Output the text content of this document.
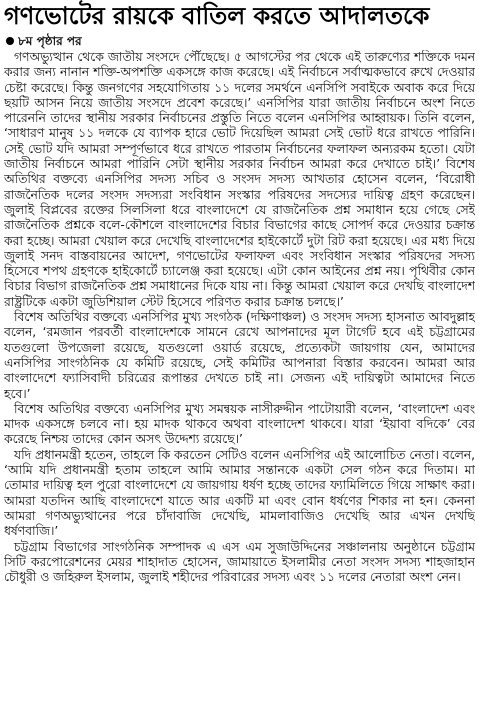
গণভোটের রায়কে বাতিল করতে আদালতকে
৮ম পৃষ্ঠার পর

গণঅভ্যুত্থান থেকে জাতীয় সংসদে পৌঁছেছে। ৫ আগস্টের পর থেকে এই তারুণ্যের শক্তিকে দমন করার জন্য নানান শক্তি-অপশক্তি একসঙ্গে কাজ করেছে। এই নির্বাচনে সর্বাত্মকভাবে রুখে দেওয়ার চেষ্টা করেছে। কিন্তু জনগণের সহযোগিতায় ১১ দলের সমর্থনে এনসিপি সবাইকে অবাক করে দিয়ে ছয়টি আসন নিয়ে জাতীয় সংসদে প্রবেশ করেছে।’ এনসিপির যারা জাতীয় নির্বাচনে অংশ নিতে পারেননি তাদের স্থানীয় সরকার নির্বাচনের প্রস্তুতি নিতে বলেন এনসিপির আহ্বায়ক। তিনি বলেন, ‘সাধারণ মানুষ ১১ দলকে যে ব্যাপক হারে ভোট দিয়েছিল আমরা সেই ভোট ধরে রাখতে পারিনি। সেই ভোট যদি আমরা সম্পূর্ণভাবে ধরে রাখতে পারতাম নির্বাচনের ফলাফল অন্যরকম হতো। যেটা জাতীয় নির্বাচনে আমরা পারিনি সেটা স্থানীয় সরকার নির্বাচন আমরা করে দেখাতে চাই।’ বিশেষ অতিথির বক্তব্যে এনসিপির সদস্য সচিব ও সংসদ সদস্য আখতার হোসেন বলেন, ‘বিরোধী রাজনৈতিক দলের সংসদ সদস্যরা সংবিধান সংস্কার পরিষদের সদস্যের দায়িত্ব গ্রহণ করেছেন। জুলাই বিপ্লবের রক্তের সিলসিলা ধরে বাংলাদেশে যে রাজনৈতিক প্রশ্ন সমাধান হয়ে গেছে সেই রাজনৈতিক প্রশ্নকে বলে-কৌশলে বাংলাদেশের বিচার বিভাগের কাছে সোপর্দ করে দেওয়ার চক্রান্ত করা হচ্ছে। আমরা খেয়াল করে দেখেছি বাংলাদেশের হাইকোর্টে দুটা রিট করা হয়েছে। এর মধ্য দিয়ে জুলাই সনদ বাস্তবায়নের আদেশ, গণভোটের ফলাফল এবং সংবিধান সংস্কার পরিষদের সদস্য হিসেবে শপথ গ্রহণকে হাইকোর্টে চ্যালেঞ্জ করা হয়েছে। এটা কোন আইনের প্রশ্ন নয়। পৃথিবীর কোন বিচার বিভাগ রাজনৈতিক প্রশ্ন সমাধানের দিকে যায় না। কিন্তু আমরা খেয়াল করে দেখছি বাংলাদেশ রাষ্ট্রটিকে একটা জুডিশিয়াল স্টেট হিসেবে পরিণত করার চক্রান্ত চলছে।’

বিশেষ অতিথির বক্তব্যে এনসিপির মুখ্য সংগঠক (দক্ষিণাঞ্চল) ও সংসদ সদস্য হাসনাত আবদুল্লাহ বলেন, ‘রমজান পরবর্তী বাংলাদেশকে সামনে রেখে আপনাদের মূল টার্গেট হবে এই চট্টগ্রামের যতগুলো উপজেলা রয়েছে, যতগুলো ওয়ার্ড রয়েছে, প্রত্যেকটা জায়গায় যেন, আমাদের এনসিপির সাংগঠনিক যে কমিটি রয়েছে, সেই কমিটির আপনারা বিস্তার করবেন। আমরা আর বাংলাদেশে ফ্যাসিবাদী চরিত্রের রূপান্তর দেখতে চাই না। সেজন্য এই দায়িত্বটা আমাদের নিতে হবে।’

বিশেষ অতিথির বক্তব্যে এনসিপির মুখ্য সমন্বয়ক নাসীরুদ্দীন পাটোয়ারী বলেন, ‘বাংলাদেশ এবং মাদক একসঙ্গে চলবে না। হয় মাদক থাকবে অথবা বাংলাদেশ থাকবে। যারা ‘ইয়াবা বদিকে’ বের করেছে নিশ্চয় তাদের কোন অসৎ উদ্দেশ্য রয়েছে।’

যদি প্রধানমন্ত্রী হতেন, তাহলে কি করতেন সেটিও বলেন এনসিপির এই আলোচিত নেতা। বলেন, ‘আমি যদি প্রধানমন্ত্রী হতাম তাহলে আমি আমার সন্তানকে একটা সেল গঠন করে দিতাম। মা তোমার দায়িত্ব হল পুরো বাংলাদেশে যে জায়গায় ধর্ষণ হচ্ছে তাদের ফ্যামিলিতে গিয়ে সাক্ষাৎ করা। আমরা যতদিন আছি বাংলাদেশে যাতে আর একটি মা এবং বোন ধর্ষণের শিকার না হন। কেননা আমরা গণঅভ্যুত্থানের পরে চাঁদাবাজি দেখেছি, মামলাবাজিও দেখেছি আর এখন দেখছি ধর্ষণবাজি।’

চট্টগ্রাম বিভাগের সাংগঠনিক সম্পাদক এ এস এম সুজাউদ্দিনের সঞ্চালনায় অনুষ্ঠানে চট্টগ্রাম সিটি করপোরেশনের মেয়র শাহাদাত হোসেন, জামায়াতে ইসলামীর নেতা সংসদ সদস্য শাহজাহান চৌধুরী ও জহিরুল ইসলাম, জুলাই শহীদের পরিবারের সদস্য এবং ১১ দলের নেতারা অংশ নেন।
